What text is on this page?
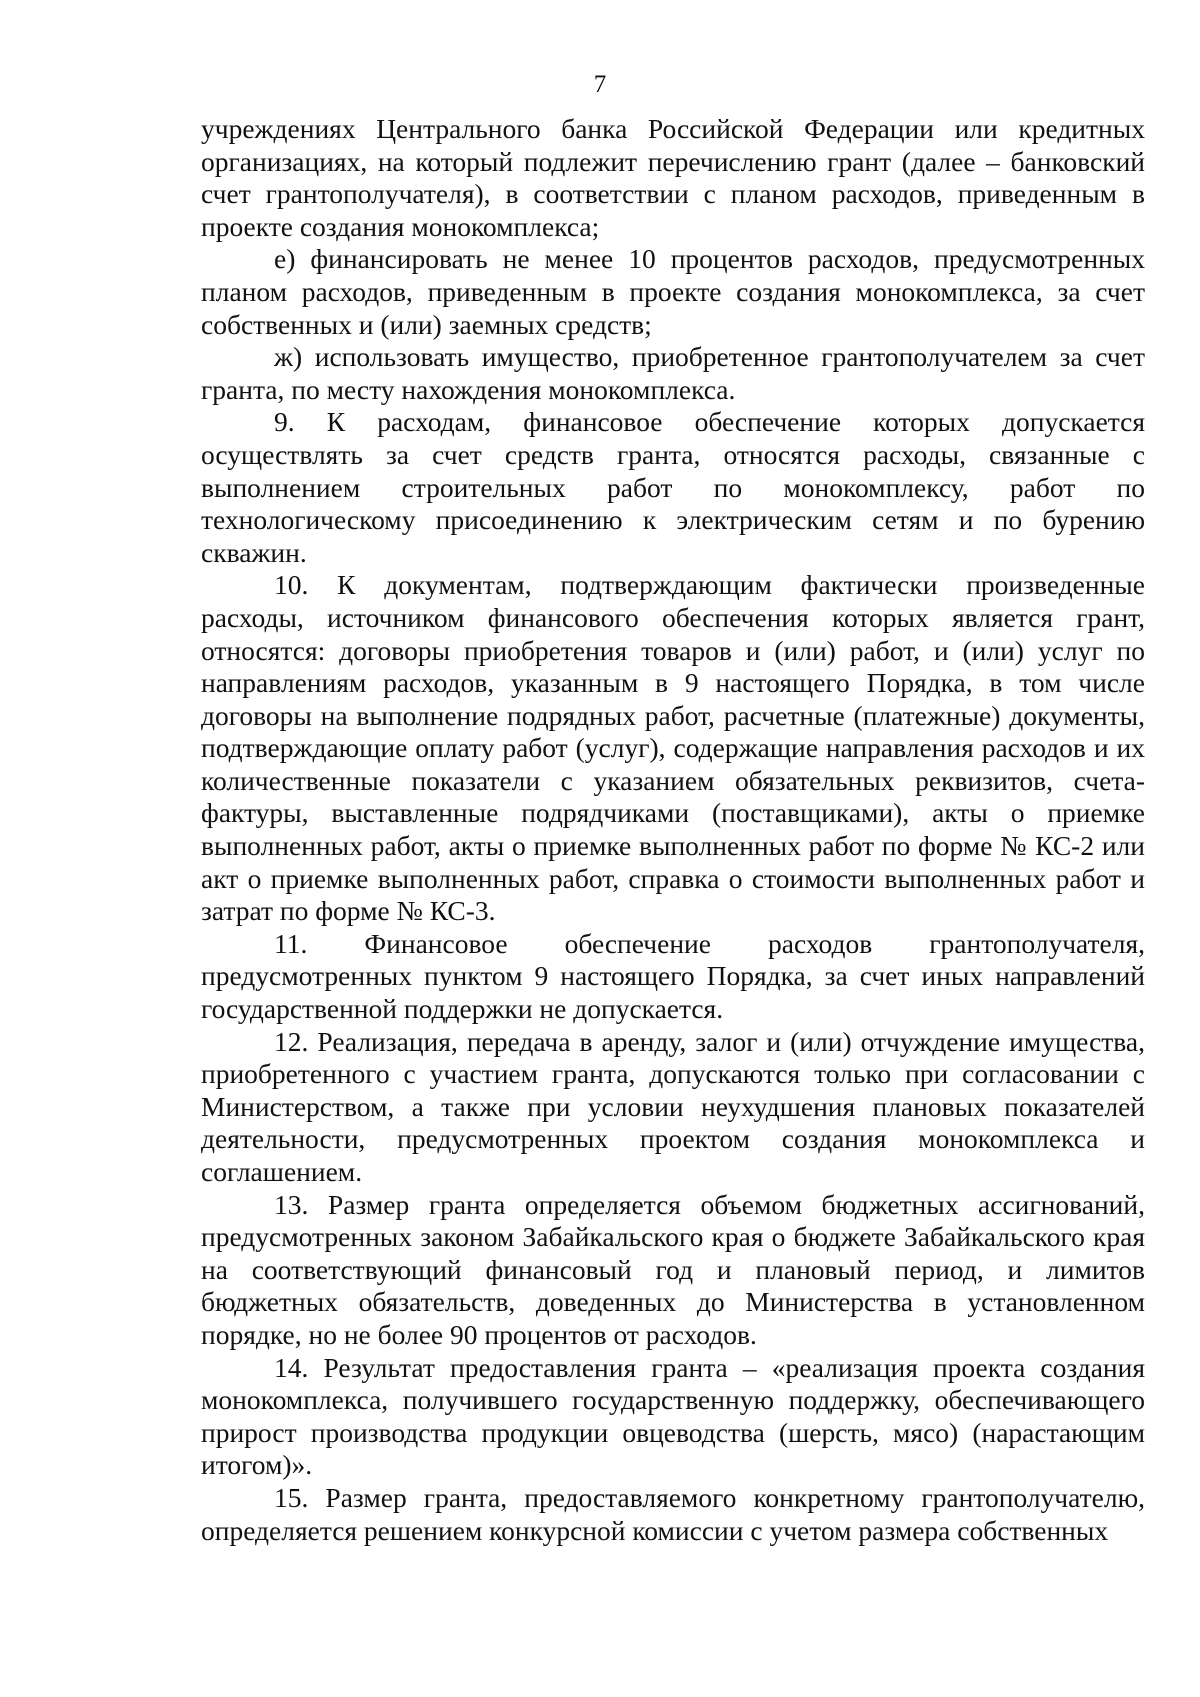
7

учреждениях Центрального банка Российской Федерации или кредитных организациях, на который подлежит перечислению грант (далее – банковский счет грантополучателя), в соответствии с планом расходов, приведенным в проекте создания монокомплекса;

е) финансировать не менее 10 процентов расходов, предусмотренных планом расходов, приведенным в проекте создания монокомплекса, за счет собственных и (или) заемных средств;

ж) использовать имущество, приобретенное грантополучателем за счет гранта, по месту нахождения монокомплекса.

9. К расходам, финансовое обеспечение которых допускается осуществлять за счет средств гранта, относятся расходы, связанные с выполнением строительных работ по монокомплексу, работ по технологическому присоединению к электрическим сетям и по бурению скважин.

10. К документам, подтверждающим фактически произведенные расходы, источником финансового обеспечения которых является грант, относятся: договоры приобретения товаров и (или) работ, и (или) услуг по направлениям расходов, указанным в 9 настоящего Порядка, в том числе договоры на выполнение подрядных работ, расчетные (платежные) документы, подтверждающие оплату работ (услуг), содержащие направления расходов и их количественные показатели с указанием обязательных реквизитов, счета-фактуры, выставленные подрядчиками (поставщиками), акты о приемке выполненных работ, акты о приемке выполненных работ по форме № КС-2 или акт о приемке выполненных работ, справка о стоимости выполненных работ и затрат по форме № КС-3.

11. Финансовое обеспечение расходов грантополучателя, предусмотренных пунктом 9 настоящего Порядка, за счет иных направлений государственной поддержки не допускается.

12. Реализация, передача в аренду, залог и (или) отчуждение имущества, приобретенного с участием гранта, допускаются только при согласовании с Министерством, а также при условии неухудшения плановых показателей деятельности, предусмотренных проектом создания монокомплекса и соглашением.

13. Размер гранта определяется объемом бюджетных ассигнований, предусмотренных законом Забайкальского края о бюджете Забайкальского края на соответствующий финансовый год и плановый период, и лимитов бюджетных обязательств, доведенных до Министерства в установленном порядке, но не более 90 процентов от расходов.

14. Результат предоставления гранта – «реализация проекта создания монокомплекса, получившего государственную поддержку, обеспечивающего прирост производства продукции овцеводства (шерсть, мясо) (нарастающим итогом)».

15. Размер гранта, предоставляемого конкретному грантополучателю, определяется решением конкурсной комиссии с учетом размера собственных
